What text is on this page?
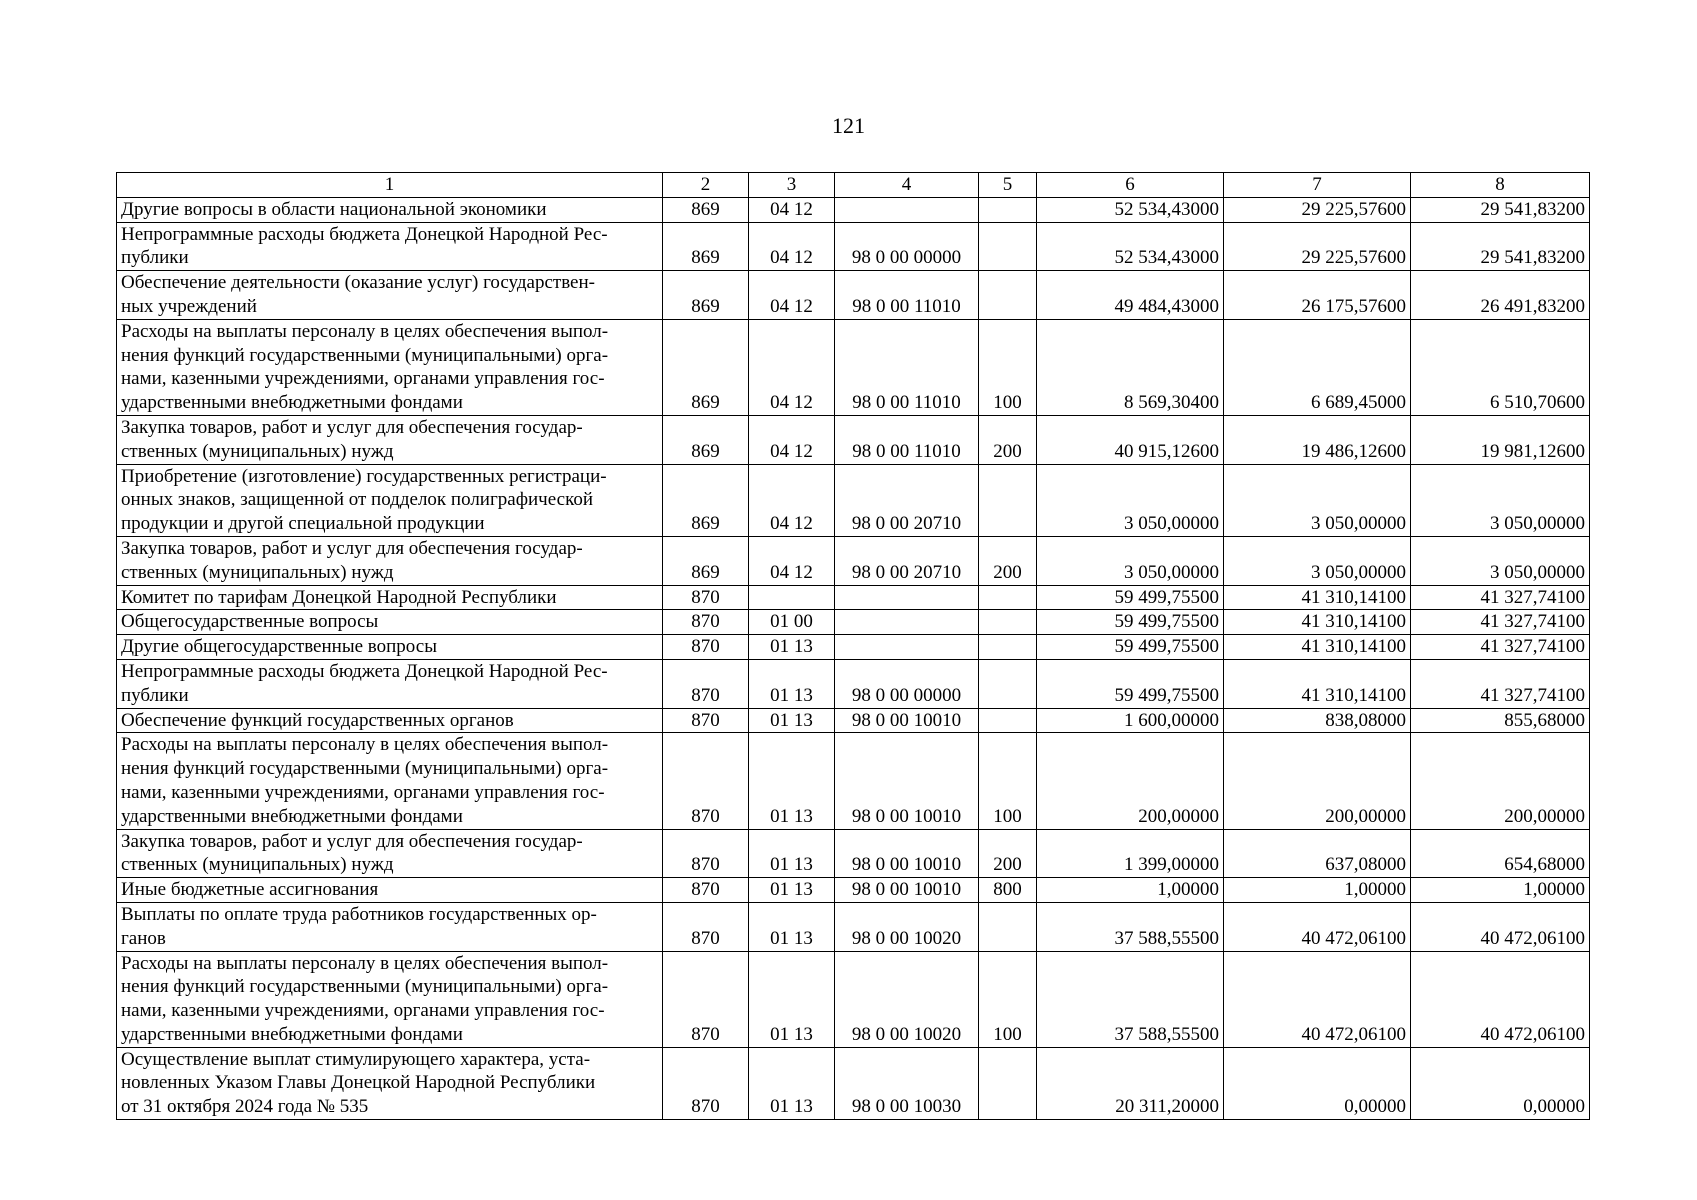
121
1	2	3	4	5	6	7	8

Другие вопросы в области национальной экономики	869	04 12			52 534,43000	29 225,57600	29 541,83200

Непрограммные расходы бюджета Донецкой Народной Рес-
публики	869	04 12	98 0 00 00000		52 534,43000	29 225,57600	29 541,83200

Обеспечение деятельности (оказание услуг) государствен-
ных учреждений	869	04 12	98 0 00 11010		49 484,43000	26 175,57600	26 491,83200

Расходы на выплаты персоналу в целях обеспечения выпол-
нения функций государственными (муниципальными) орга-
нами, казенными учреждениями, органами управления гос-
ударственными внебюджетными фондами	869	04 12	98 0 00 11010	100	8 569,30400	6 689,45000	6 510,70600

Закупка товаров, работ и услуг для обеспечения государ-
ственных (муниципальных) нужд	869	04 12	98 0 00 11010	200	40 915,12600	19 486,12600	19 981,12600

Приобретение (изготовление) государственных регистраци-
онных знаков, защищенной от подделок полиграфической
продукции и другой специальной продукции	869	04 12	98 0 00 20710		3 050,00000	3 050,00000	3 050,00000

Закупка товаров, работ и услуг для обеспечения государ-
ственных (муниципальных) нужд	869	04 12	98 0 00 20710	200	3 050,00000	3 050,00000	3 050,00000

Комитет по тарифам Донецкой Народной Республики	870				59 499,75500	41 310,14100	41 327,74100

Общегосударственные вопросы	870	01 00			59 499,75500	41 310,14100	41 327,74100

Другие общегосударственные вопросы	870	01 13			59 499,75500	41 310,14100	41 327,74100

Непрограммные расходы бюджета Донецкой Народной Рес-
публики	870	01 13	98 0 00 00000		59 499,75500	41 310,14100	41 327,74100

Обеспечение функций государственных органов	870	01 13	98 0 00 10010		1 600,00000	838,08000	855,68000

Расходы на выплаты персоналу в целях обеспечения выпол-
нения функций государственными (муниципальными) орга-
нами, казенными учреждениями, органами управления гос-
ударственными внебюджетными фондами	870	01 13	98 0 00 10010	100	200,00000	200,00000	200,00000

Закупка товаров, работ и услуг для обеспечения государ-
ственных (муниципальных) нужд	870	01 13	98 0 00 10010	200	1 399,00000	637,08000	654,68000

Иные бюджетные ассигнования	870	01 13	98 0 00 10010	800	1,00000	1,00000	1,00000

Выплаты по оплате труда работников государственных ор-
ганов	870	01 13	98 0 00 10020		37 588,55500	40 472,06100	40 472,06100

Расходы на выплаты персоналу в целях обеспечения выпол-
нения функций государственными (муниципальными) орга-
нами, казенными учреждениями, органами управления гос-
ударственными внебюджетными фондами	870	01 13	98 0 00 10020	100	37 588,55500	40 472,06100	40 472,06100

Осуществление выплат стимулирующего характера, уста-
новленных Указом Главы Донецкой Народной Республики
от 31 октября 2024 года № 535	870	01 13	98 0 00 10030		20 311,20000	0,00000	0,00000
